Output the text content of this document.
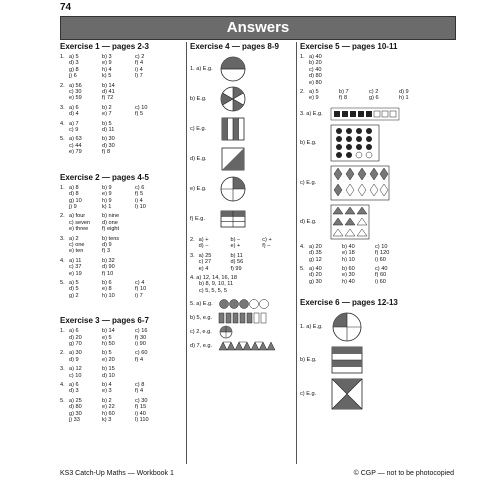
74
Answers
Exercise 1 — pages 2-3
1. a) 5	b) 3	c) 2
d) 3	e) 9	f) 4
g) 8	h) 4	i) 4
j) 6	k) 5	l) 7
2. a) 56	b) 14
c) 30	d) 41
e) 59	f) 72
3. a) 6	b) 2	c) 10
d) 4	e) 7	f) 5
4. a) 7	b) 5
c) 9	d) 11
5. a) 63	b) 30
c) 44	d) 30
e) 79	f) 8
Exercise 2 — pages 4-5
1. a) 8	b) 9	c) 6
d) 8	e) 9	f) 5
g) 10	h) 9	i) 4
j) 9	k) 1	l) 10
2. a) four	b) nine
c) seven	d) one
e) three	f) eight
3. a) 2	b) tens
c) one	d) 9
e) ten	f) 3
4. a) 11	b) 32
c) 37	d) 90
e) 19	f) 10
5. a) 5	b) 6	c) 4
d) 5	e) 8	f) 10
g) 2	h) 10	i) 7
Exercise 3 — pages 6-7
1. a) 6	b) 14	c) 16
d) 20	e) 5	f) 30
g) 70	h) 50	i) 90
2. a) 30	b) 5	c) 60
d) 9	e) 20	f) 4
3. a) 12	b) 15
c) 10	d) 10
4. a) 6	b) 4	c) 8
d) 3	e) 3	f) 4
5. a) 25	b) 2	c) 30
d) 80	e) 22	f) 15
g) 30	h) 60	i) 40
j) 33	k) 3	l) 110
Exercise 4 — pages 8-9
1. a) E.g.
b) E.g.
c) E.g.
d) E.g.
e) E.g.
f) E.g.
2. a) +	b) –	c) +
d) –	e) +	f) –
3. a) 25	b) 11
c) 27	d) 56
e) 4	f) 99
4. a) 12, 14, 16, 18
b) 8, 9, 10, 11
c) 5, 5, 5, 5
5. a) E.g.
b) 5, e.g.
c) 2, e.g.
d) 7, e.g.
Exercise 5 — pages 10-11
1. a) 40
b) 20
c) 40
d) 80
e) 80
2. a) 5	b) 7	c) 2	d) 9
e) 9	f) 8	g) 6	h) 1
3. a) E.g.
b) E.g.
c) E.g.
d) E.g.
4. a) 20	b) 40	c) 10
d) 35	e) 18	f) 120
g) 12	h) 10	i) 60
5. a) 40	b) 60	c) 40
d) 20	e) 30	f) 60
g) 30	h) 40	i) 60
Exercise 6 — pages 12-13
1. a) E.g.
b) E.g.
c) E.g.
KS3 Catch-Up Maths — Workbook 1	© CGP — not to be photocopied
